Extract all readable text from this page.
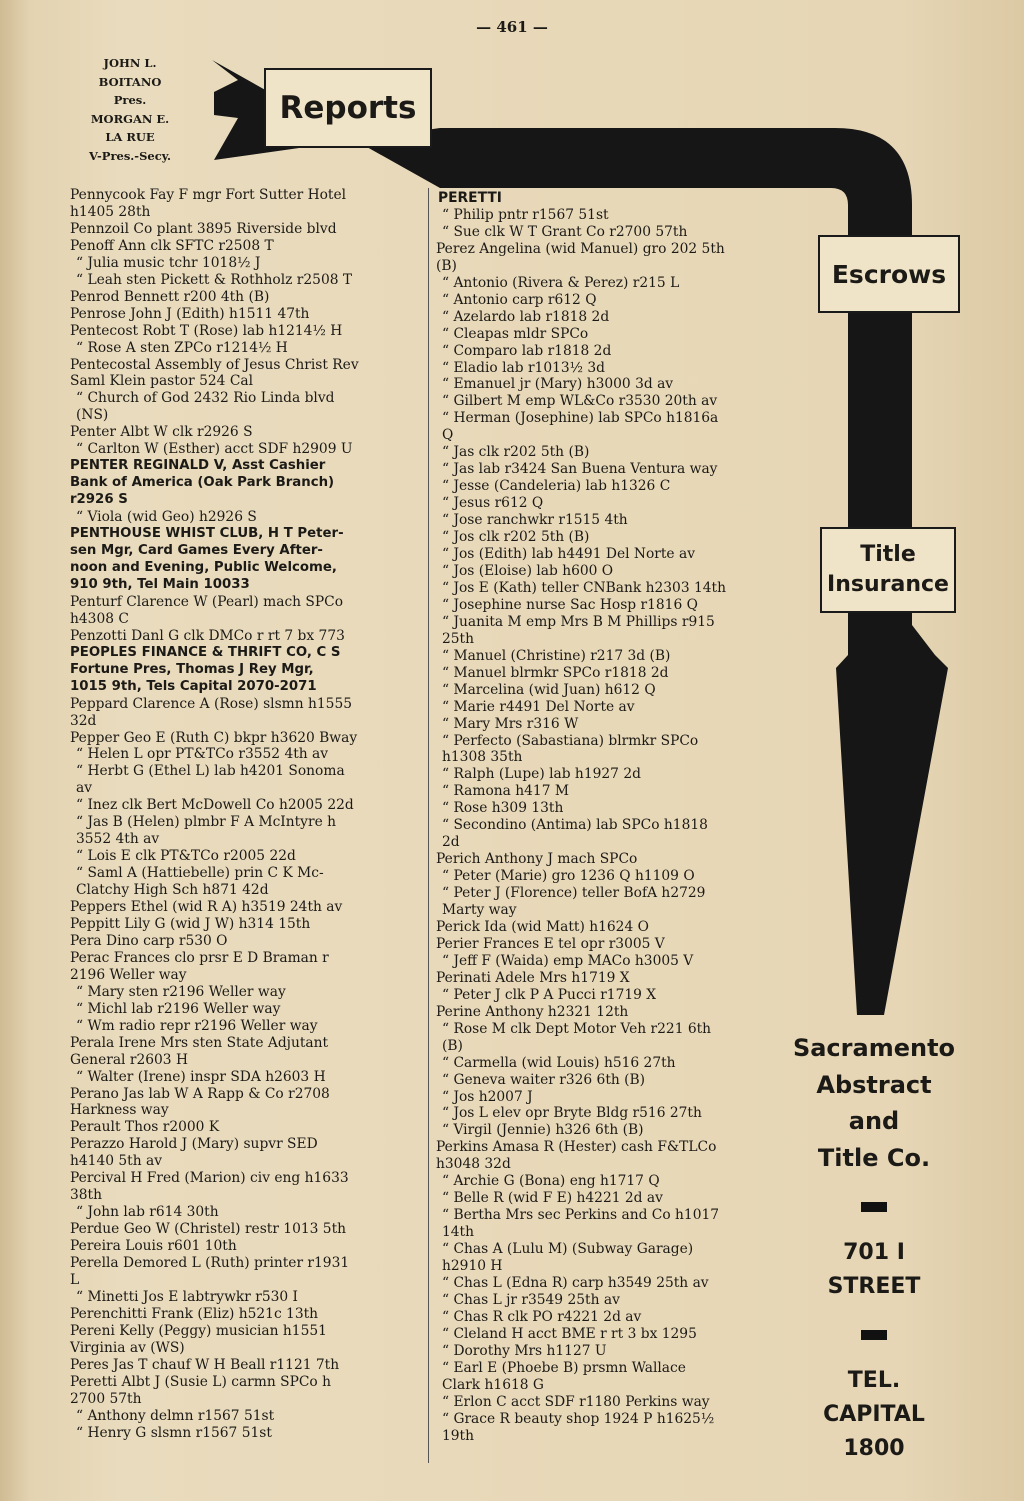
— 461 —
JOHN L.
BOITANO
Pres.
MORGAN E.
LA RUE
V-Pres.-Secy.
Reports
Escrows
Title
Insurance
Sacramento
Abstract
and
Title Co.
701 I
STREET
TEL.
CAPITAL
1800
Pennycook Fay F mgr Fort Sutter Hotel
h1405 28th
Pennzoil Co plant 3895 Riverside blvd
Penoff Ann clk SFTC r2508 T
“ Julia music tchr 1018½ J
“ Leah sten Pickett & Rothholz r2508 T
Penrod Bennett r200 4th (B)
Penrose John J (Edith) h1511 47th
Pentecost Robt T (Rose) lab h1214½ H
“ Rose A sten ZPCo r1214½ H
Pentecostal Assembly of Jesus Christ Rev
Saml Klein pastor 524 Cal
“ Church of God 2432 Rio Linda blvd
(NS)
Penter Albt W clk r2926 S
“ Carlton W (Esther) acct SDF h2909 U
PENTER REGINALD V, Asst Cashier
Bank of America (Oak Park Branch)
r2926 S
“ Viola (wid Geo) h2926 S
PENTHOUSE WHIST CLUB, H T Peter-
sen Mgr, Card Games Every After-
noon and Evening, Public Welcome,
910 9th, Tel Main 10033
Penturf Clarence W (Pearl) mach SPCo
h4308 C
Penzotti Danl G clk DMCo r rt 7 bx 773
PEOPLES FINANCE & THRIFT CO, C S
Fortune Pres, Thomas J Rey Mgr,
1015 9th, Tels Capital 2070-2071
Peppard Clarence A (Rose) slsmn h1555
32d
Pepper Geo E (Ruth C) bkpr h3620 Bway
“ Helen L opr PT&TCo r3552 4th av
“ Herbt G (Ethel L) lab h4201 Sonoma
av
“ Inez clk Bert McDowell Co h2005 22d
“ Jas B (Helen) plmbr F A McIntyre h
3552 4th av
“ Lois E clk PT&TCo r2005 22d
“ Saml A (Hattiebelle) prin C K Mc-
Clatchy High Sch h871 42d
Peppers Ethel (wid R A) h3519 24th av
Peppitt Lily G (wid J W) h314 15th
Pera Dino carp r530 O
Perac Frances clo prsr E D Braman r
2196 Weller way
“ Mary sten r2196 Weller way
“ Michl lab r2196 Weller way
“ Wm radio repr r2196 Weller way
Perala Irene Mrs sten State Adjutant
General r2603 H
“ Walter (Irene) inspr SDA h2603 H
Perano Jas lab W A Rapp & Co r2708
Harkness way
Perault Thos r2000 K
Perazzo Harold J (Mary) supvr SED
h4140 5th av
Percival H Fred (Marion) civ eng h1633
38th
“ John lab r614 30th
Perdue Geo W (Christel) restr 1013 5th
Pereira Louis r601 10th
Perella Demored L (Ruth) printer r1931
L
“ Minetti Jos E labtrywkr r530 I
Perenchitti Frank (Eliz) h521c 13th
Pereni Kelly (Peggy) musician h1551
Virginia av (WS)
Peres Jas T chauf W H Beall r1121 7th
Peretti Albt J (Susie L) carmn SPCo h
2700 57th
“ Anthony delmn r1567 51st
“ Henry G slsmn r1567 51st
PERETTI
“ Philip pntr r1567 51st
“ Sue clk W T Grant Co r2700 57th
Perez Angelina (wid Manuel) gro 202 5th
(B)
“ Antonio (Rivera & Perez) r215 L
“ Antonio carp r612 Q
“ Azelardo lab r1818 2d
“ Cleapas mldr SPCo
“ Comparo lab r1818 2d
“ Eladio lab r1013½ 3d
“ Emanuel jr (Mary) h3000 3d av
“ Gilbert M emp WL&Co r3530 20th av
“ Herman (Josephine) lab SPCo h1816a
Q
“ Jas clk r202 5th (B)
“ Jas lab r3424 San Buena Ventura way
“ Jesse (Candeleria) lab h1326 C
“ Jesus r612 Q
“ Jose ranchwkr r1515 4th
“ Jos clk r202 5th (B)
“ Jos (Edith) lab h4491 Del Norte av
“ Jos (Eloise) lab h600 O
“ Jos E (Kath) teller CNBank h2303 14th
“ Josephine nurse Sac Hosp r1816 Q
“ Juanita M emp Mrs B M Phillips r915
25th
“ Manuel (Christine) r217 3d (B)
“ Manuel blrmkr SPCo r1818 2d
“ Marcelina (wid Juan) h612 Q
“ Marie r4491 Del Norte av
“ Mary Mrs r316 W
“ Perfecto (Sabastiana) blrmkr SPCo
h1308 35th
“ Ralph (Lupe) lab h1927 2d
“ Ramona h417 M
“ Rose h309 13th
“ Secondino (Antima) lab SPCo h1818
2d
Perich Anthony J mach SPCo
“ Peter (Marie) gro 1236 Q h1109 O
“ Peter J (Florence) teller BofA h2729
Marty way
Perick Ida (wid Matt) h1624 O
Perier Frances E tel opr r3005 V
“ Jeff F (Waida) emp MACo h3005 V
Perinati Adele Mrs h1719 X
“ Peter J clk P A Pucci r1719 X
Perine Anthony h2321 12th
“ Rose M clk Dept Motor Veh r221 6th
(B)
“ Carmella (wid Louis) h516 27th
“ Geneva waiter r326 6th (B)
“ Jos h2007 J
“ Jos L elev opr Bryte Bldg r516 27th
“ Virgil (Jennie) h326 6th (B)
Perkins Amasa R (Hester) cash F&TLCo
h3048 32d
“ Archie G (Bona) eng h1717 Q
“ Belle R (wid F E) h4221 2d av
“ Bertha Mrs sec Perkins and Co h1017
14th
“ Chas A (Lulu M) (Subway Garage)
h2910 H
“ Chas L (Edna R) carp h3549 25th av
“ Chas L jr r3549 25th av
“ Chas R clk PO r4221 2d av
“ Cleland H acct BME r rt 3 bx 1295
“ Dorothy Mrs h1127 U
“ Earl E (Phoebe B) prsmn Wallace
Clark h1618 G
“ Erlon C acct SDF r1180 Perkins way
“ Grace R beauty shop 1924 P h1625½
19th
